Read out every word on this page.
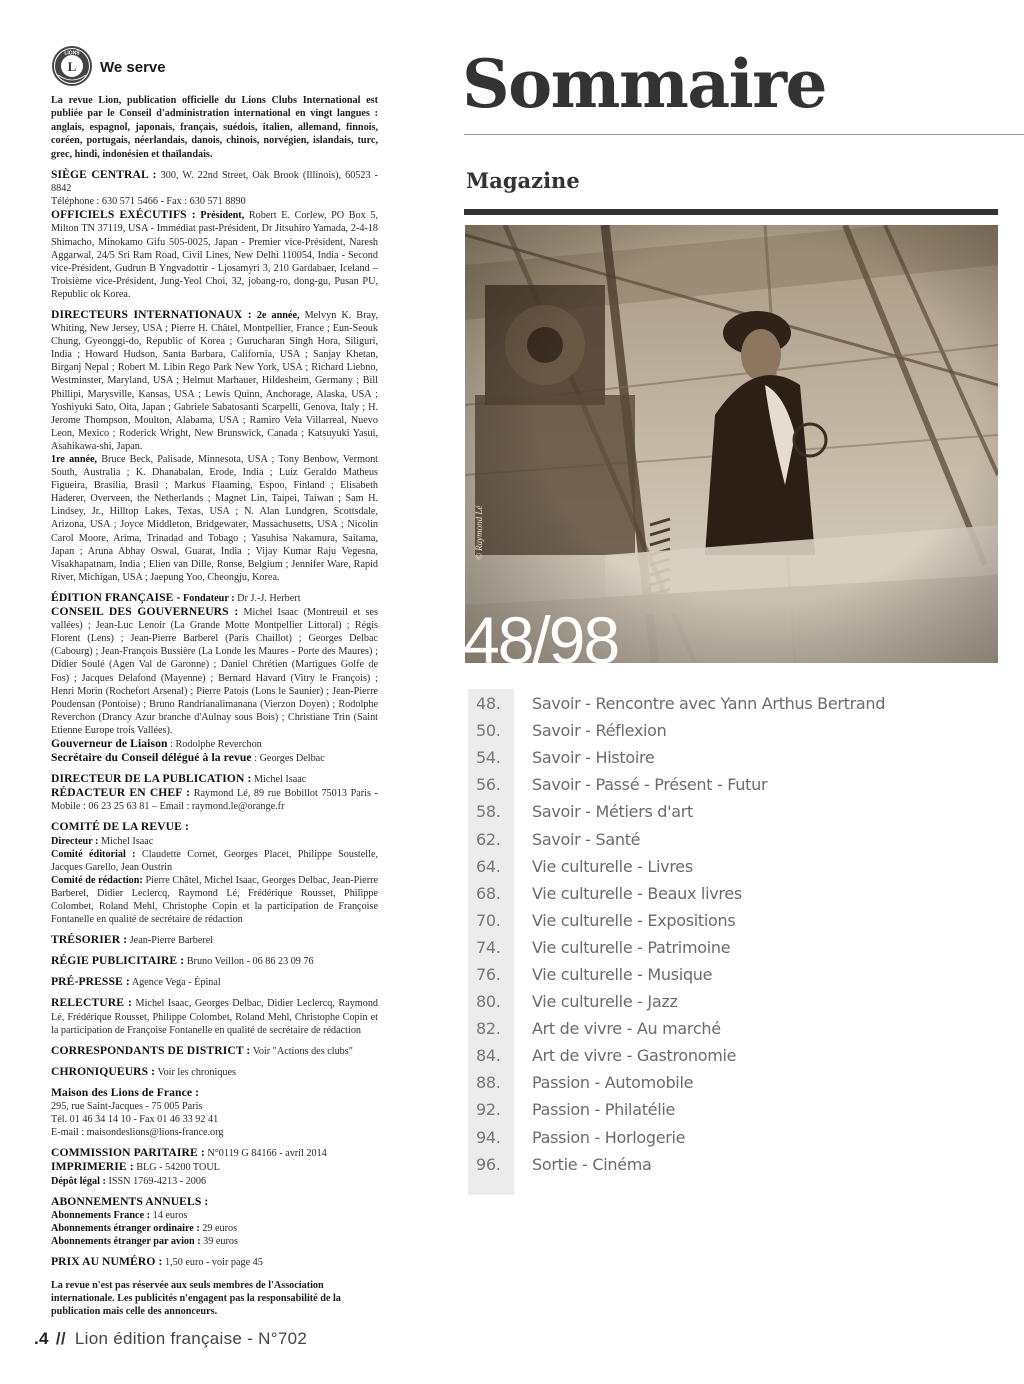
L
LIONS
We serve

La revue Lion, publication officielle du Lions Clubs International est publiée par le Conseil d'administration international en vingt langues : anglais, espagnol, japonais, français, suédois, italien, allemand, finnois, coréen, portugais, néerlandais, danois, chinois, norvégien, islandais, turc, grec, hindi, indonésien et thaïlandais.

SIÈGE CENTRAL : 300, W. 22nd Street, Oak Brook (Illinois), 60523 - 8842
Téléphone : 630 571 5466 - Fax : 630 571 8890

OFFICIELS EXÉCUTIFS : Président, Robert E. Corlew, PO Box 5, Milton TN 37119, USA - Immédiat past-Président, Dr Jitsuhiro Yamada, 2-4-18 Shimacho, Minokamo Gifu 505-0025, Japan - Premier vice-Président, Naresh Aggarwal, 24/5 Sri Ram Road, Civil Lines, New Delhi 110054, India - Second vice-Président, Gudrun B Yngvadottir - Ljosamyri 3, 210 Gardabaer, Iceland – Troisième vice-Président, Jung-Yeol Choi, 32, jobang-ro, dong-gu, Pusan PU, Republic ok Korea.

DIRECTEURS INTERNATIONAUX : 2e année, Melvyn K. Bray, Whiting, New Jersey, USA ; Pierre H. Châtel, Montpellier, France ; Eun-Seouk Chung, Gyeonggi-do, Republic of Korea ; Gurucharan Singh Hora, Siliguri, India ; Howard Hudson, Santa Barbara, California, USA ; Sanjay Khetan, Birganj Nepal ; Robert M. Libin Rego Park New York, USA ; Richard Liebno, Westminster, Maryland, USA ; Helmut Marhauer, Hildesheim, Germany ; Bill Phillipi, Marysville, Kansas, USA ; Lewis Quinn, Anchorage, Alaska, USA ; Yoshiyuki Sato, Oita, Japan ; Gabriele Sabatosanti Scarpelli, Genova, Italy ; H. Jerome Thompson, Moulton, Alabama, USA ; Ramiro Vela Villarreal, Nuevo Leon, Mexico ; Roderick Wright, New Brunswick, Canada ; Katsuyuki Yasui, Asahikawa-shi, Japan.
1re année, Bruce Beck, Palisade, Minnesota, USA ; Tony Benbow, Vermont South, Australia ; K. Dhanabalan, Erode, India ; Luiz Geraldo Matheus Figueira, Brasília, Brasil ; Markus Flaaming, Espoo, Finland ; Elisabeth Haderer, Overveen, the Netherlands ; Magnet Lin, Taipei, Taiwan ; Sam H. Lindsey, Jr., Hilltop Lakes, Texas, USA ; N. Alan Lundgren, Scottsdale, Arizona, USA ; Joyce Middleton, Bridgewater, Massachusetts, USA ; Nicolin Carol Moore, Arima, Trinadad and Tobago ; Yasuhisa Nakamura, Saitama, Japan ; Aruna Abhay Oswal, Guarat, India ; Vijay Kumar Raju Vegesna, Visakhapatnam, India ; Elien van Dille, Ronse, Belgium ; Jennifer Ware, Rapid River, Michigan, USA ; Jaepung Yoo, Cheongju, Korea.

ÉDITION FRANÇAISE - Fondateur : Dr J.-J. Herbert

CONSEIL DES GOUVERNEURS : Michel Isaac (Montreuil et ses vallées) ; Jean-Luc Lenoir (La Grande Motte Montpellier Littoral) ; Régis Florent (Lens) ; Jean-Pierre Barberel (Paris Chaillot) ; Georges Delbac (Cabourg) ; Jean-François Bussière (La Londe les Maures - Porte des Maures) ; Didier Soulé (Agen Val de Garonne) ; Daniel Chrétien (Martigues Golfe de Fos) ; Jacques Delafond (Mayenne) ; Bernard Havard (Vitry le François) ; Henri Morin (Rochefort Arsenal) ; Pierre Patois (Lons le Saunier) ; Jean-Pierre Poudensan (Pontoise) ; Bruno Randrianalimanana (Vierzon Doyen) ; Rodolphe Reverchon (Drancy Azur branche d'Aulnay sous Bois) ; Christiane Trin (Saint Etienne Europe trois Vallées).
Gouverneur de Liaison : Rodolphe Reverchon
Secrétaire du Conseil délégué à la revue : Georges Delbac

DIRECTEUR DE LA PUBLICATION : Michel Isaac
RÉDACTEUR EN CHEF : Raymond Lé, 89 rue Bobillot 75013 Paris - Mobile : 06 23 25 63 81 – Email : raymond.le@orange.fr

COMITÉ DE LA REVUE :
Directeur : Michel Isaac
Comité éditorial : Claudette Cornet, Georges Placet, Philippe Soustelle, Jacques Garello, Jean Oustrin
Comité de rédaction: Pierre Châtel, Michel Isaac, Georges Delbac, Jean-Pierre Barberel, Didier Leclercq, Raymond Lé, Frédérique Rousset, Philippe Colombet, Roland Mehl, Christophe Copin et la participation de Françoise Fontanelle en qualité de secrétaire de rédaction

TRÉSORIER : Jean-Pierre Barberel

RÉGIE PUBLICITAIRE : Bruno Veillon - 06 86 23 09 76

PRÉ-PRESSE : Agence Vega - Épinal

RELECTURE : Michel Isaac, Georges Delbac, Didier Leclercq, Raymond Lé, Frédérique Rousset, Philippe Colombet, Roland Mehl, Christophe Copin et la participation de Françoise Fontanelle en qualité de secrétaire de rédaction

CORRESPONDANTS DE DISTRICT : Voir "Actions des clubs"

CHRONIQUEURS : Voir les chroniques

Maison des Lions de France :
295, rue Saint-Jacques - 75 005 Paris
Tél. 01 46 34 14 10 - Fax 01 46 33 92 41
E-mail : maisondeslions@lions-france.org

COMMISSION PARITAIRE : N°0119 G 84166 - avril 2014
IMPRIMERIE : BLG - 54200 TOUL
Dépôt légal : ISSN 1769-4213 - 2006

ABONNEMENTS ANNUELS :
Abonnements France : 14 euros
Abonnements étranger ordinaire : 29 euros
Abonnements étranger par avion : 39 euros

PRIX AU NUMÉRO : 1,50 euro - voir page 45

La revue n'est pas réservée aux seuls membres de l'Association internationale. Les publicités n'engagent pas la responsabilité de la publication mais celle des annonceurs.

.4 // Lion édition française - N°702
Sommaire
Magazine
© Raymond Lé
48/98
48.	Savoir - Rencontre avec Yann Arthus Bertrand
50.	Savoir - Réflexion
54.	Savoir - Histoire
56.	Savoir - Passé - Présent - Futur
58.	Savoir - Métiers d'art
62.	Savoir - Santé
64.	Vie culturelle - Livres
68.	Vie culturelle - Beaux livres
70.	Vie culturelle - Expositions
74.	Vie culturelle - Patrimoine
76.	Vie culturelle - Musique
80.	Vie culturelle - Jazz
82.	Art de vivre - Au marché
84.	Art de vivre - Gastronomie
88.	Passion - Automobile
92.	Passion - Philatélie
94.	Passion - Horlogerie
96.	Sortie - Cinéma
